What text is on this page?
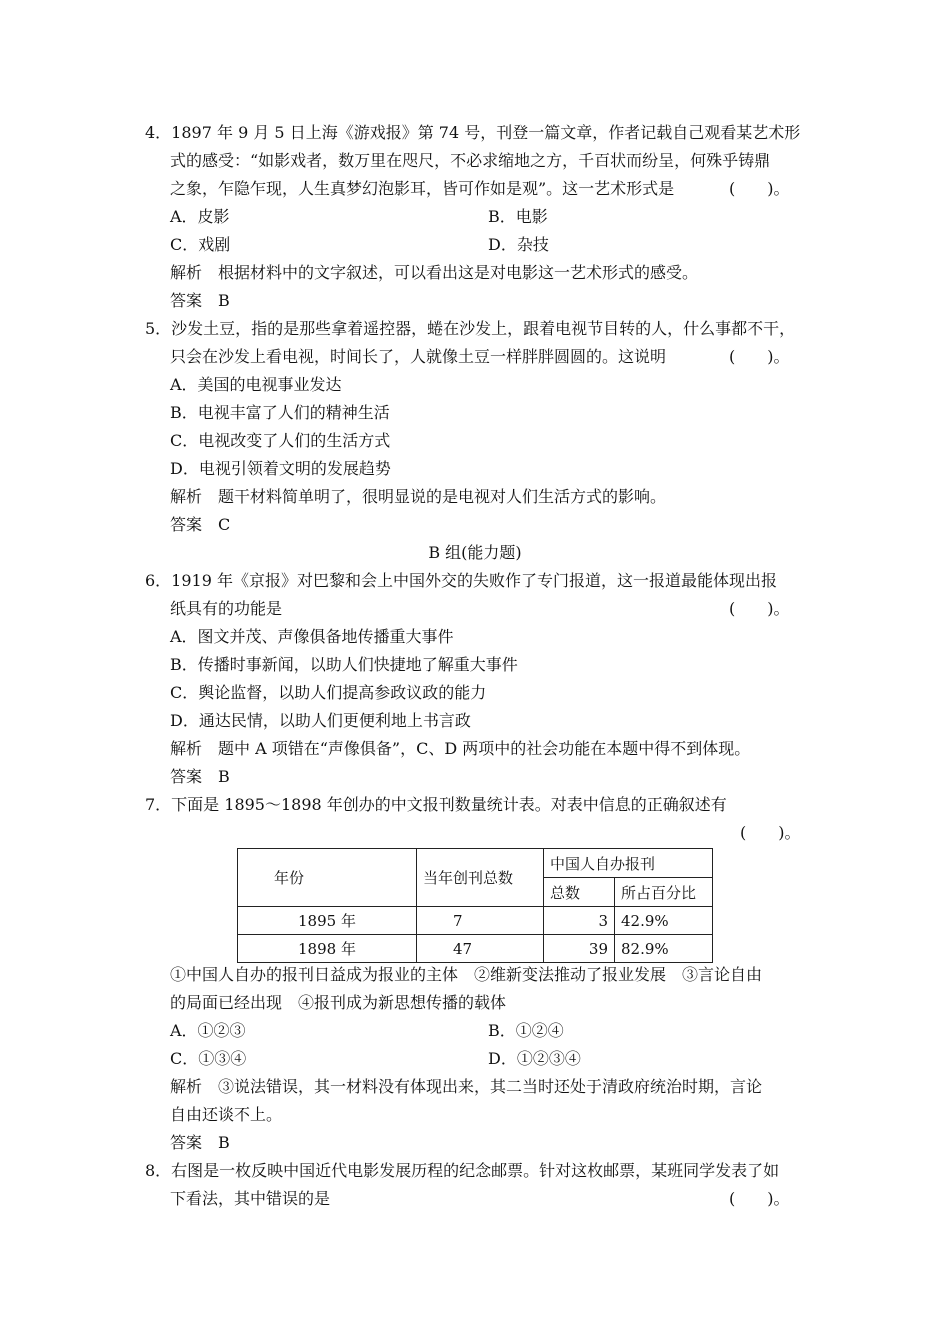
4．1897 年 9 月 5 日上海《游戏报》第 74 号，刊登一篇文章，作者记载自己观看某艺术形
式的感受：“如影戏者，数万里在咫尺，不必求缩地之方，千百状而纷呈，何殊乎铸鼎
之象，乍隐乍现，人生真梦幻泡影耳，皆可作如是观”。这一艺术形式是	(　　)。
A．皮影	B．电影
C．戏剧	D．杂技
解析　根据材料中的文字叙述，可以看出这是对电影这一艺术形式的感受。
答案　B
5．沙发土豆，指的是那些拿着遥控器，蜷在沙发上，跟着电视节目转的人，什么事都不干，
只会在沙发上看电视，时间长了，人就像土豆一样胖胖圆圆的。这说明	(　　)。
A．美国的电视事业发达
B．电视丰富了人们的精神生活
C．电视改变了人们的生活方式
D．电视引领着文明的发展趋势
解析　题干材料简单明了，很明显说的是电视对人们生活方式的影响。
答案　C
B 组(能力题)
6．1919 年《京报》对巴黎和会上中国外交的失败作了专门报道，这一报道最能体现出报
纸具有的功能是	(　　)。
A．图文并茂、声像俱备地传播重大事件
B．传播时事新闻，以助人们快捷地了解重大事件
C．舆论监督，以助人们提高参政议政的能力
D．通达民情，以助人们更便利地上书言政
解析　题中 A 项错在“声像俱备”，C、D 两项中的社会功能在本题中得不到体现。
答案　B
7．下面是 1895～1898 年创办的中文报刊数量统计表。对表中信息的正确叙述有
(　　)。
年份	当年创刊总数	中国人自办报刊	
		总数	所占百分比
1895 年	7	3	42.9%
1898 年	47	39	82.9%
①中国人自办的报刊日益成为报业的主体　②维新变法推动了报业发展　③言论自由
的局面已经出现　④报刊成为新思想传播的载体
A．①②③	B．①②④
C．①③④	D．①②③④
解析　③说法错误，其一材料没有体现出来，其二当时还处于清政府统治时期，言论
自由还谈不上。
答案　B
8．右图是一枚反映中国近代电影发展历程的纪念邮票。针对这枚邮票，某班同学发表了如
下看法，其中错误的是	(　　)。
